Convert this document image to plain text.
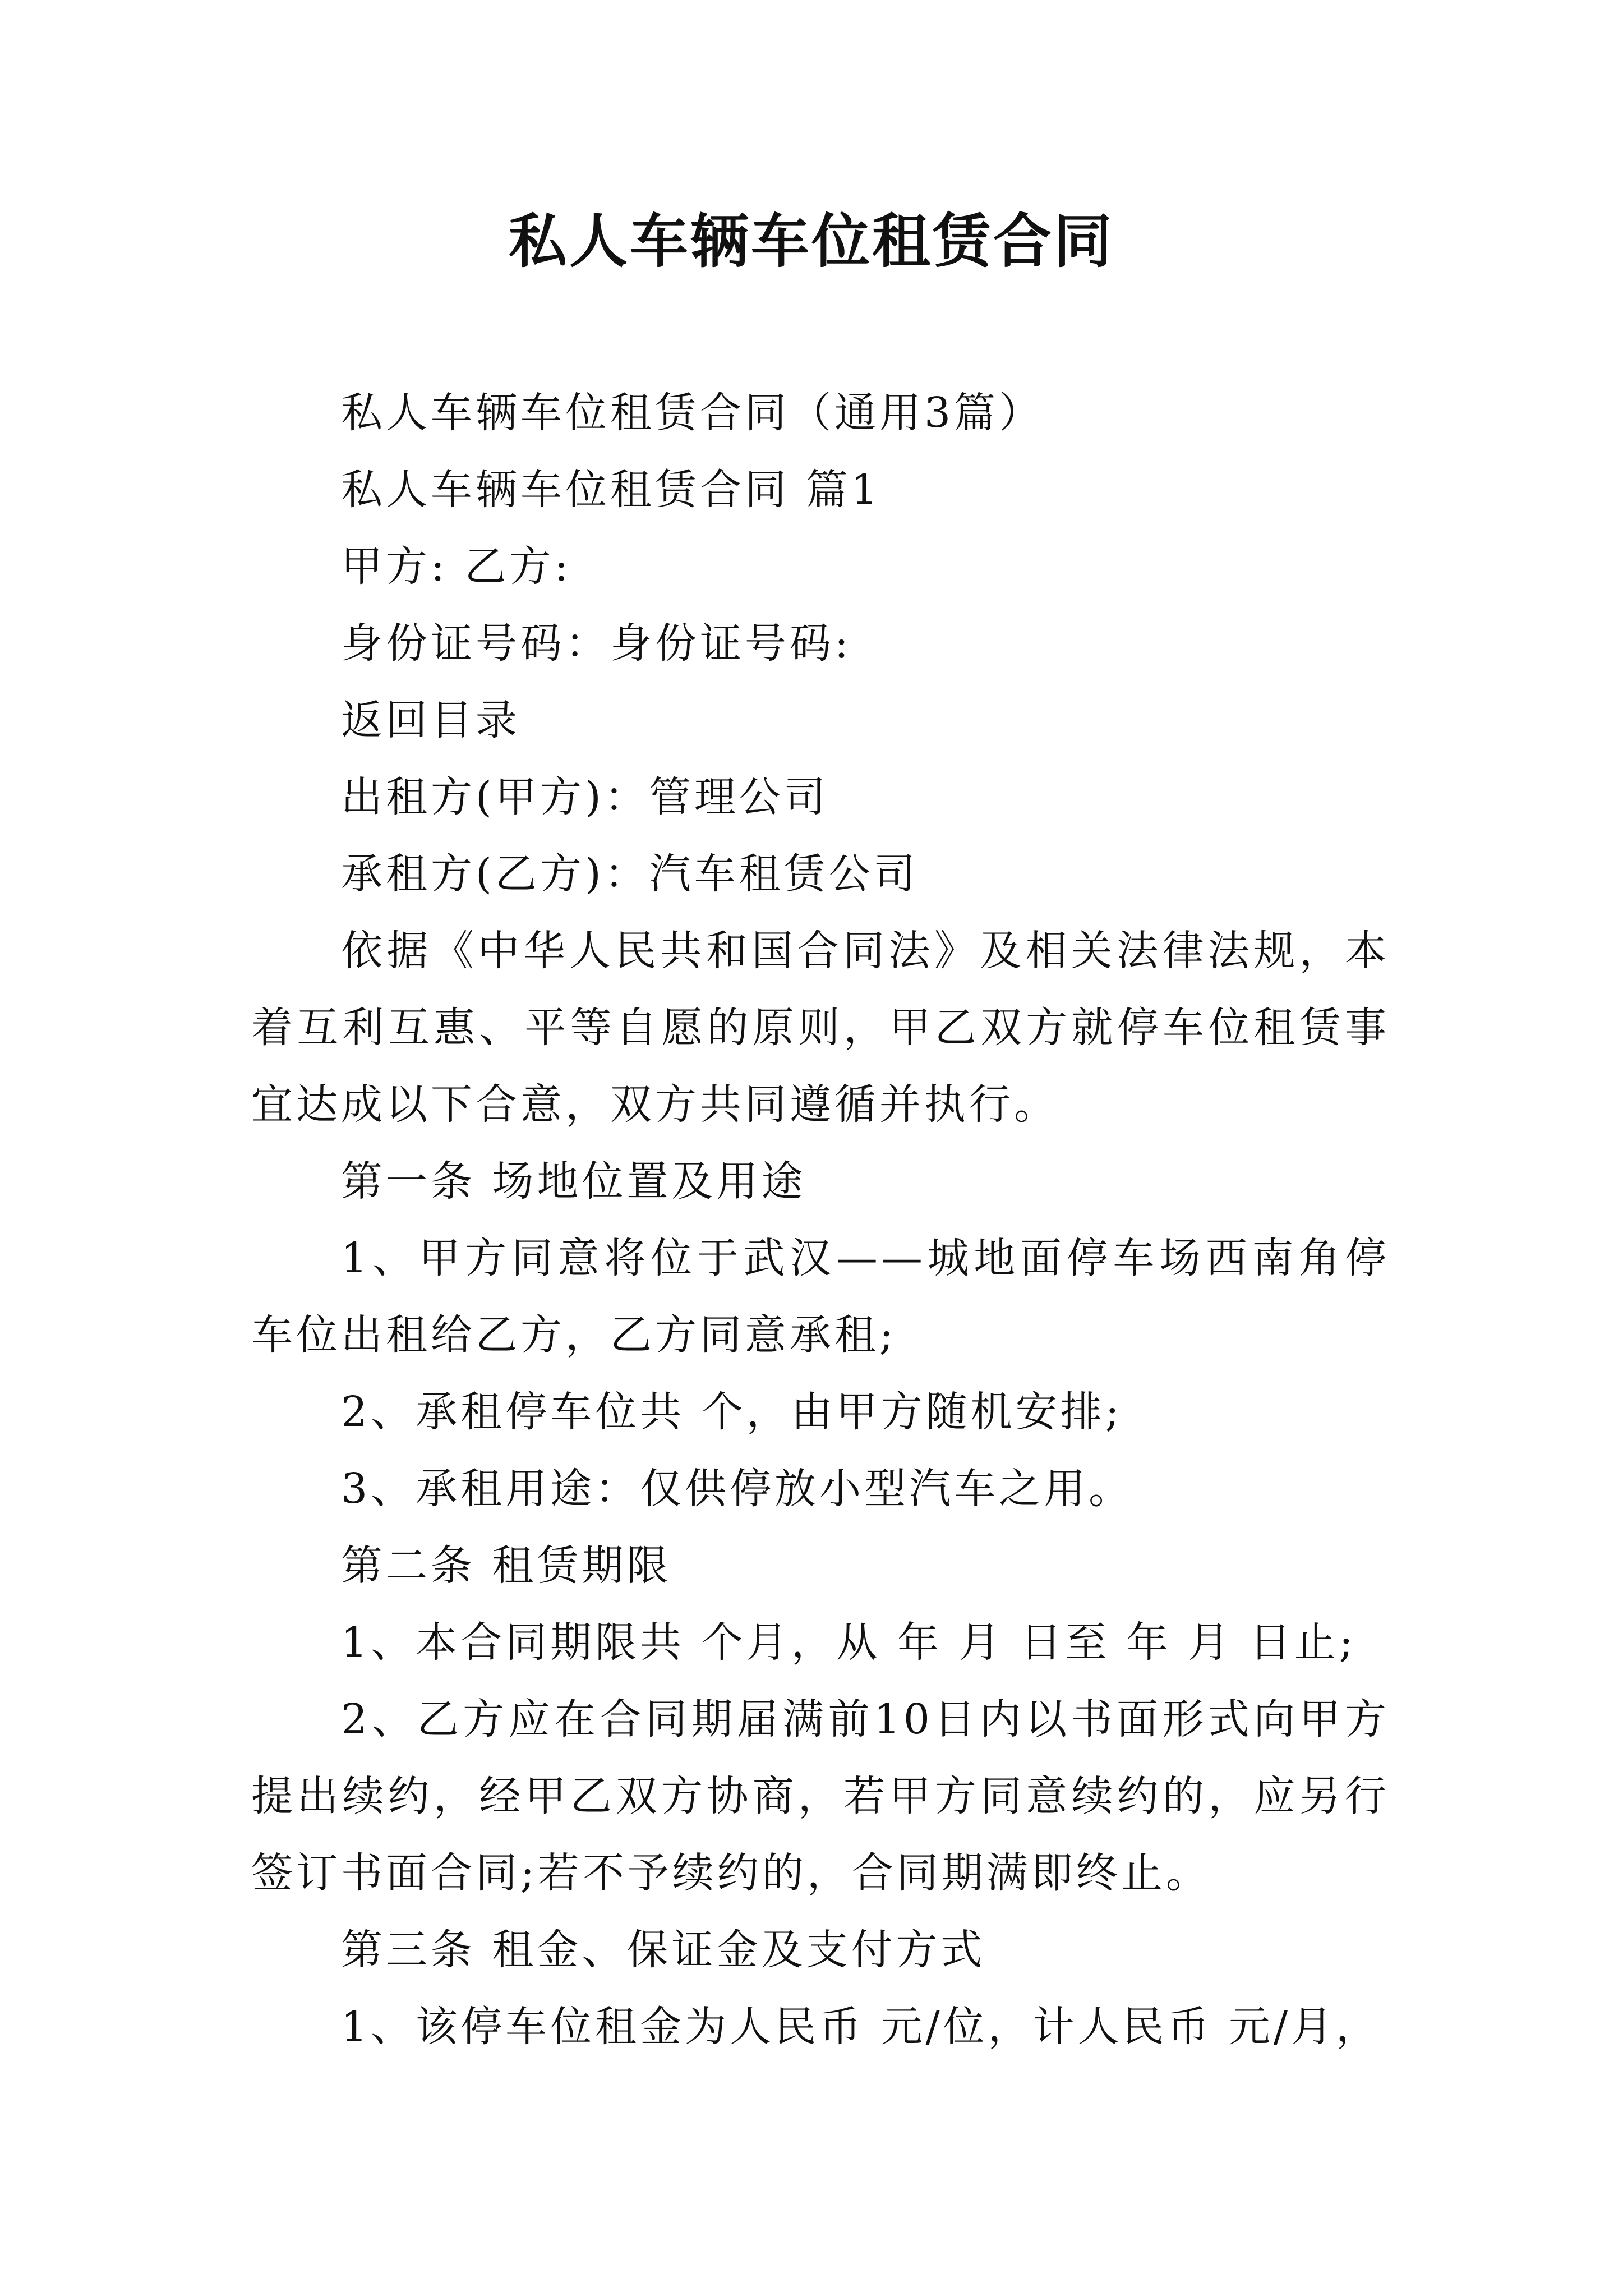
私人车辆车位租赁合同

私人车辆车位租赁合同（通用3篇）

私人车辆车位租赁合同 篇1

甲方: 乙方:

身份证号码：身份证号码:

返回目录

出租方(甲方)：管理公司

承租方(乙方)：汽车租赁公司

依据《中华人民共和国合同法》及相关法律法规，本着互利互惠、平等自愿的原则，甲乙双方就停车位租赁事宜达成以下合意，双方共同遵循并执行。

第一条 场地位置及用途

1、甲方同意将位于武汉——城地面停车场西南角停车位出租给乙方，乙方同意承租;

2、承租停车位共 个，由甲方随机安排;

3、承租用途：仅供停放小型汽车之用。

第二条 租赁期限

1、本合同期限共 个月，从 年 月 日至 年 月 日止;

2、乙方应在合同期届满前10日内以书面形式向甲方提出续约，经甲乙双方协商，若甲方同意续约的，应另行签订书面合同;若不予续约的，合同期满即终止。

第三条 租金、保证金及支付方式

1、该停车位租金为人民币 元/位，计人民币 元/月，
